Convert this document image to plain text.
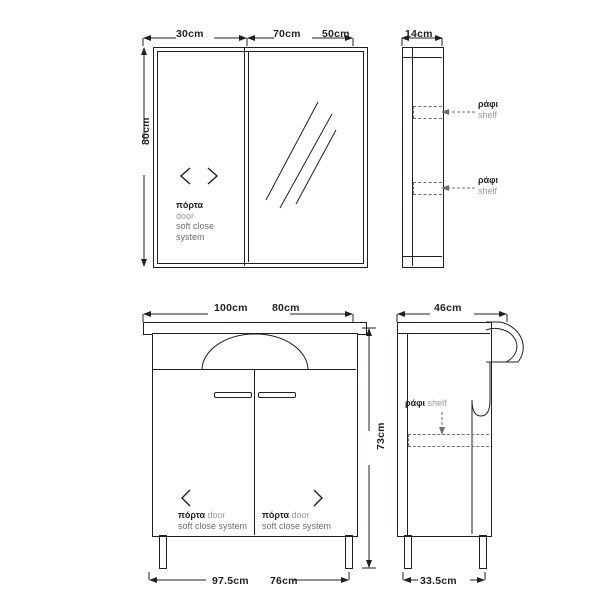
30cm	70cm 50cm
80cm
πόρτα
door
soft close
system
14cm
ράφι
shelf
ράφι
shelf
100cm 80cm
πόρτα door
soft close system
πόρτα door
soft close system
73cm
97.5cm 76cm
46cm
ράφι shelf
33.5cm
